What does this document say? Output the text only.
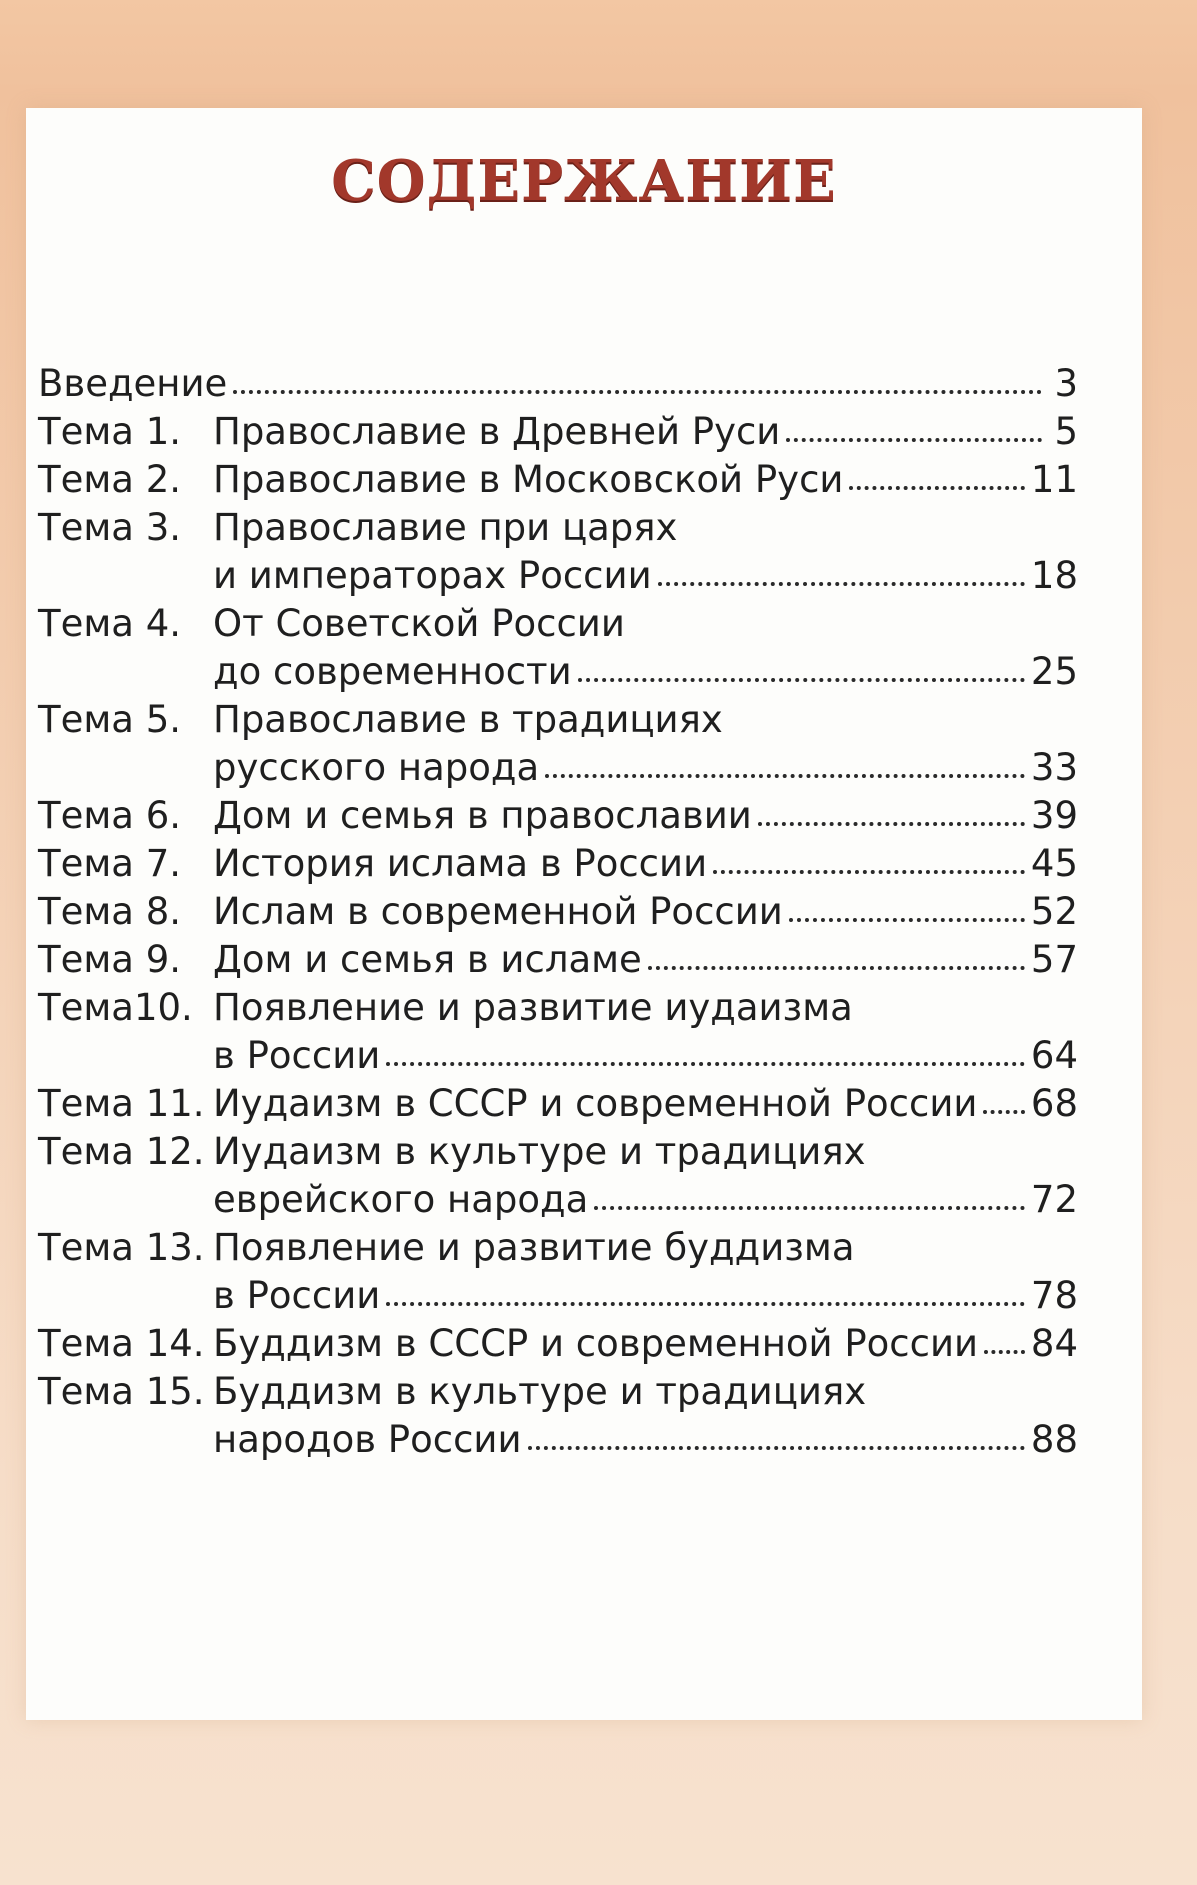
СОДЕРЖАНИЕ
Введение	3
Тема 1. Православие в Древней Руси	5
Тема 2. Православие в Московской Руси	11
Тема 3. Православие при царях
и императорах России	18
Тема 4. От Советской России
до современности	25
Тема 5. Православие в традициях
русского народа	33
Тема 6. Дом и семья в православии	39
Тема 7. История ислама в России	45
Тема 8. Ислам в современной России	52
Тема 9. Дом и семья в исламе	57
Тема10. Появление и развитие иудаизма
в России	64
Тема 11. Иудаизм в СССР и современной России 68
Тема 12. Иудаизм в культуре и традициях
еврейского народа	72
Тема 13. Появление и развитие буддизма
в России	78
Тема 14. Буддизм в СССР и современной России 84
Тема 15. Буддизм в культуре и традициях
народов России	88
